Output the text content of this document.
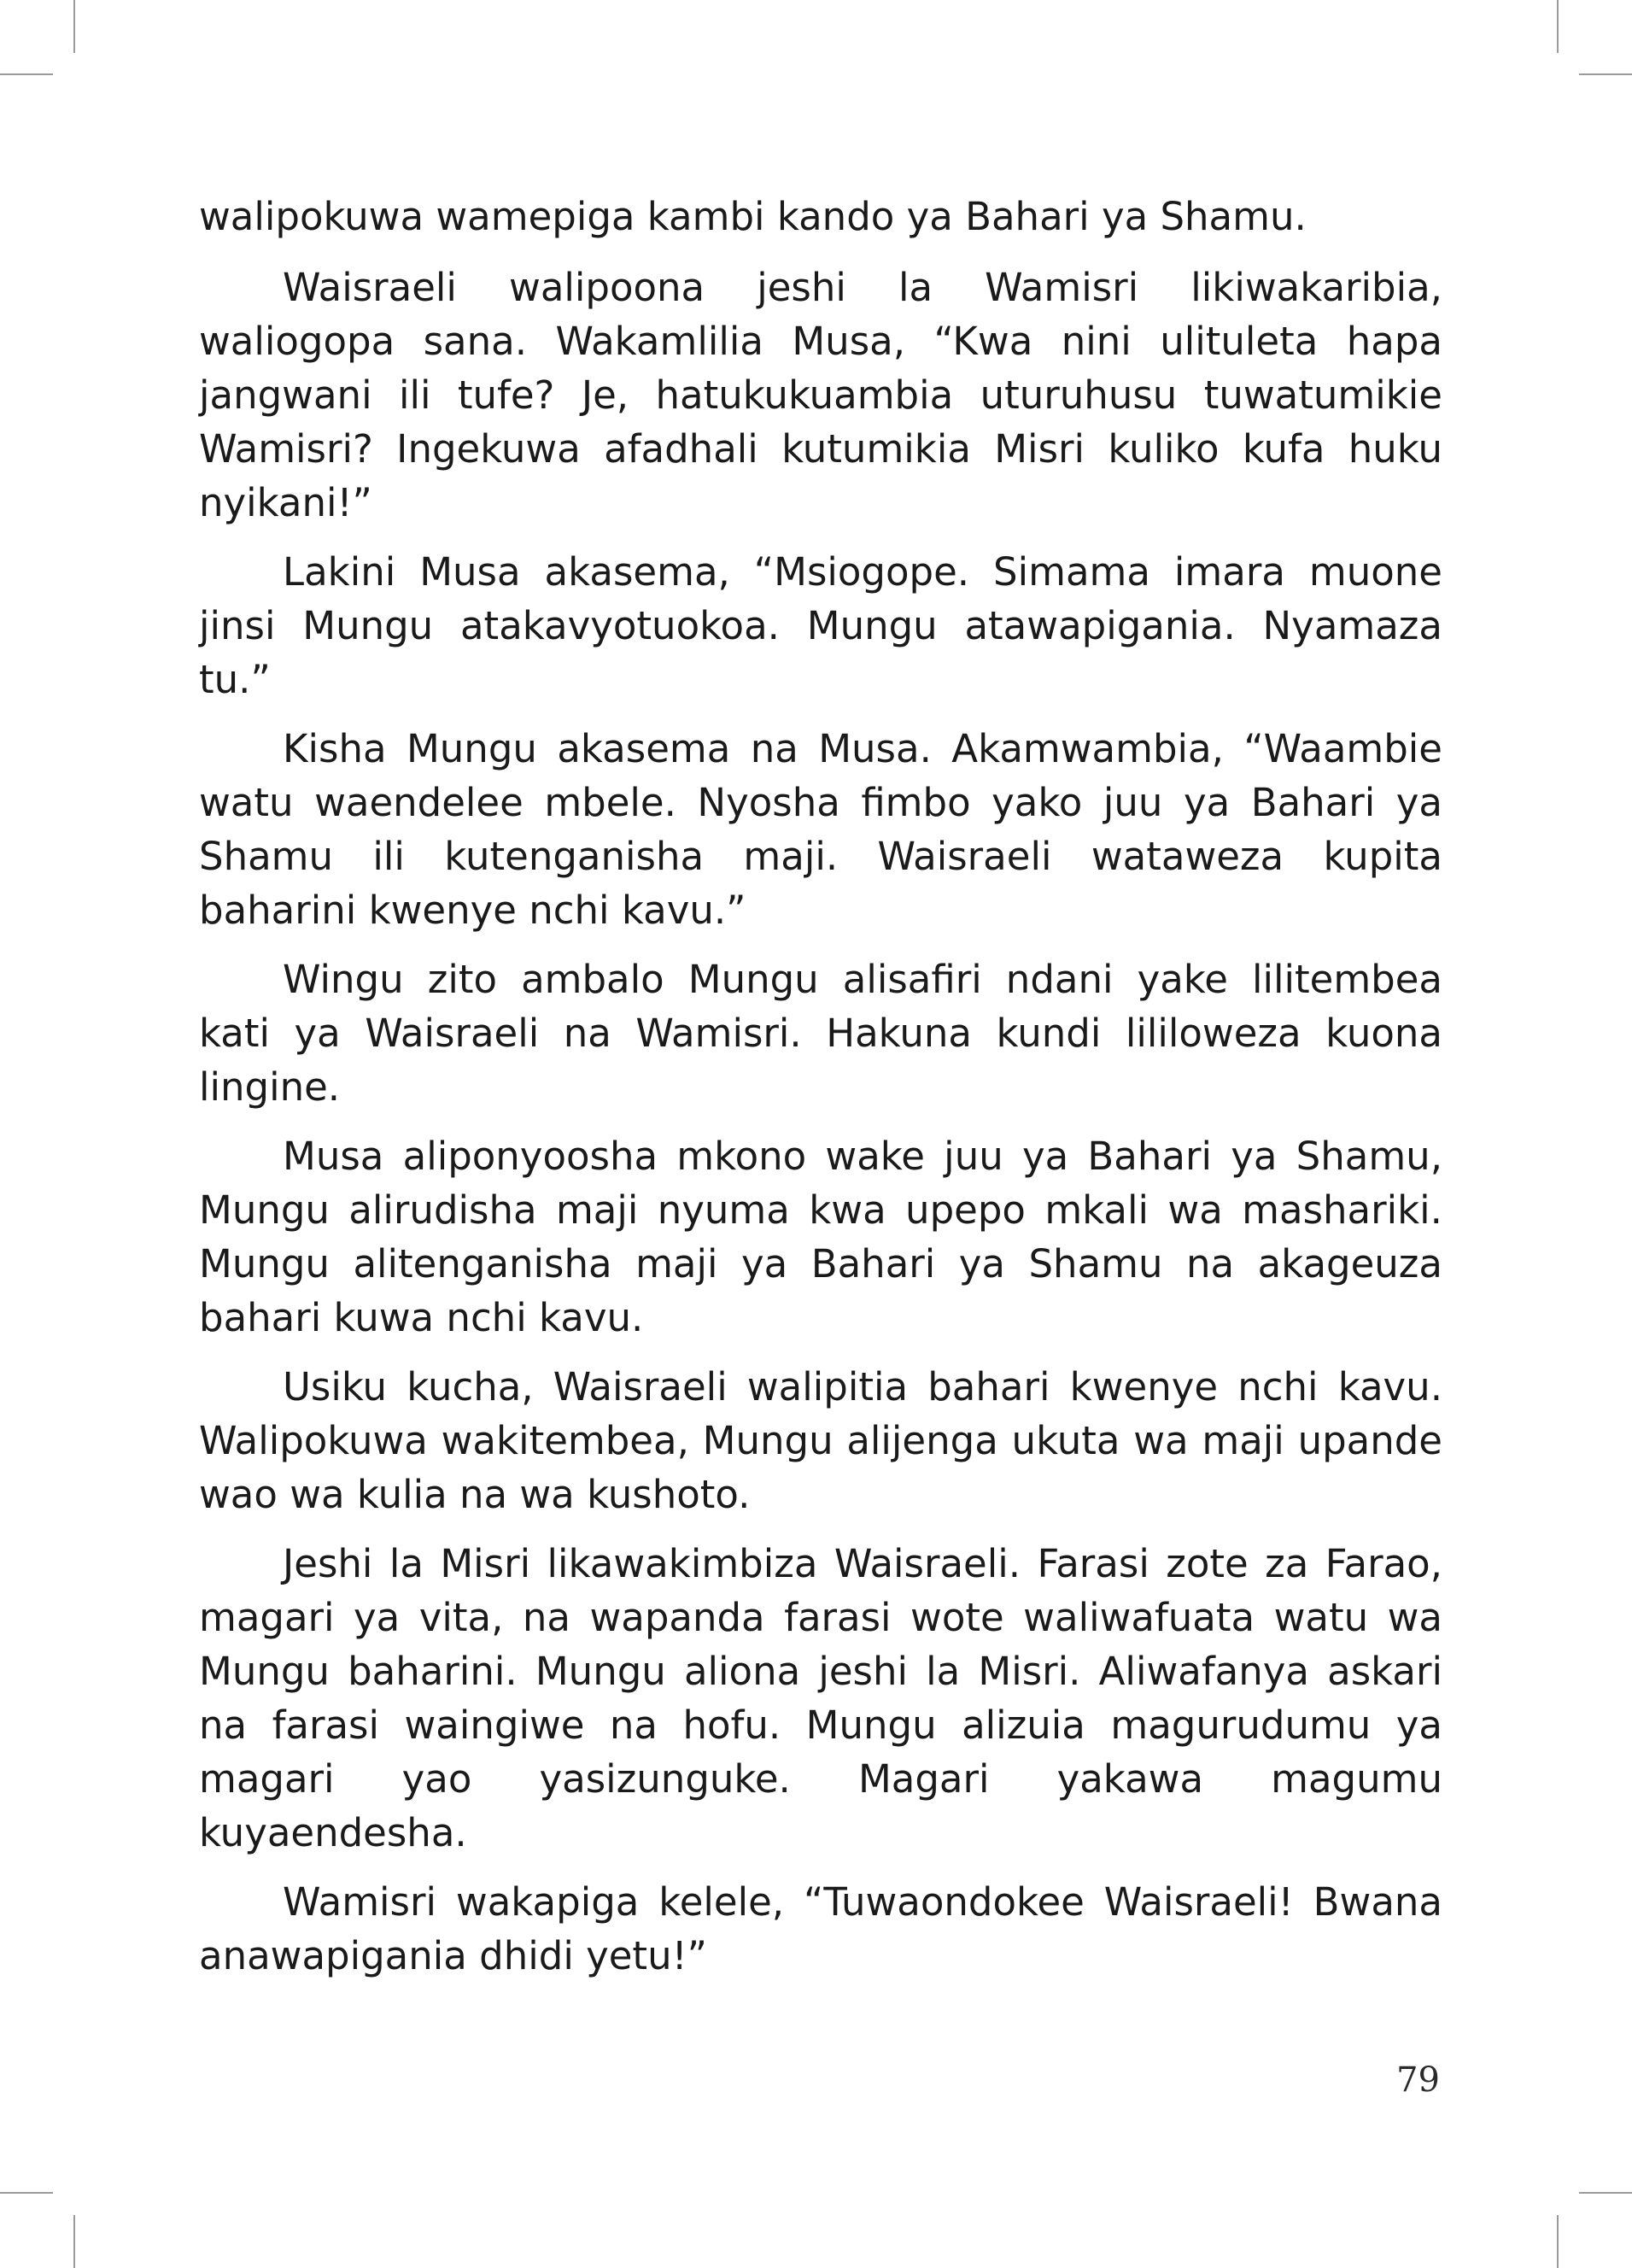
walipokuwa wamepiga kambi kando ya Bahari ya Shamu.

Waisraeli walipoona jeshi la Wamisri likiwakaribia, waliogopa sana. Wakamlilia Musa, “Kwa nini ulituleta hapa jangwani ili tufe? Je, hatukukuambia uturuhusu tuwatumikie Wamisri? Ingekuwa afadhali kutumikia Misri kuliko kufa huku nyikani!”

Lakini Musa akasema, “Msiogope. Simama imara muone jinsi Mungu atakavyotuokoa. Mungu atawapigania. Nyamaza tu.”

Kisha Mungu akasema na Musa. Akamwambia, “Waambie watu waendelee mbele. Nyosha fimbo yako juu ya Bahari ya Shamu ili kutenganisha maji. Waisraeli wataweza kupita baharini kwenye nchi kavu.”

Wingu zito ambalo Mungu alisafiri ndani yake lilitembea kati ya Waisraeli na Wamisri. Hakuna kundi lililoweza kuona lingine.

Musa aliponyoosha mkono wake juu ya Bahari ya Shamu, Mungu alirudisha maji nyuma kwa upepo mkali wa mashariki. Mungu alitenganisha maji ya Bahari ya Shamu na akageuza bahari kuwa nchi kavu.

Usiku kucha, Waisraeli walipitia bahari kwenye nchi kavu. Walipokuwa wakitembea, Mungu alijenga ukuta wa maji upande wao wa kulia na wa kushoto.

Jeshi la Misri likawakimbiza Waisraeli. Farasi zote za Farao, magari ya vita, na wapanda farasi wote waliwafuata watu wa Mungu baharini. Mungu aliona jeshi la Misri. Aliwafanya askari na farasi waingiwe na hofu. Mungu alizuia magurudumu ya magari yao yasizunguke. Magari yakawa magumu kuyaendesha.

Wamisri wakapiga kelele, “Tuwaondokee Waisraeli! Bwana anawapigania dhidi yetu!”

79
